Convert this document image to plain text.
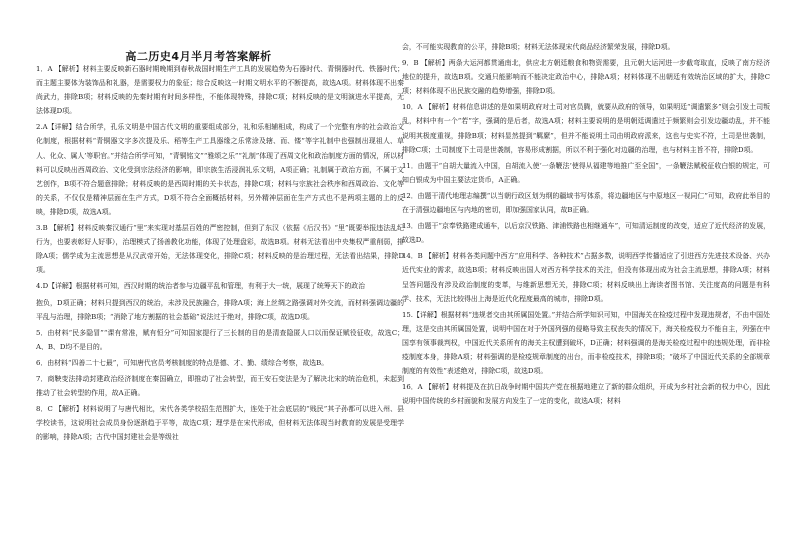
高二历史4月半月考答案解析
1．A 【解析】材料主要反映新石器时期晚期到春秋战国时期生产工具的发展趋势为石器时代、青铜器时代、铁器时代；而主题主要体为装饰品和礼器，是需要权力的象征；综合反映这一时期文明水平的不断提高，故选A项。材料体现不出秦尚武力，排除B项；材料反映的先秦时期有时间多样性，不能体现特殊，排除C项；材料反映的是文明演进水平提高，无法体现D项。
2.A【详解】结合所学，孔乐文明是中国古代文明的重要组成部分，礼和乐相辅相成，构成了一个完整有序的社会政治文化制度，根据材料“青铜器文字多次提及乐、稻等生产工具器缘之乐常涂及辖、而、镂”等字礼制中也强制出现祖人、草人、化众、属人’等职官。”并结合所学可知，“青铜铭文”“雅颂之乐”“礼制”体现了西周文化和政治制度方面的情况，所以材料可以反映出西周政治、文化受到宗法经济的影响，即宗族生活浸润礼乐文明，A项正确；礼制属于政治方面，不属于文艺创作，B项不符合题意排除；材料反映的是西周时期的关卡状态，排除C项；材料与宗族社会秩序和西周政治、文化等的关系，不仅仅是精神层面在生产方式，D项不符合全面概括材料，另外精神层面在生产方式也不是两项主题的上的反映，排除D项，故选A项。
3.B 【解析】材料反映秦汉通行“里”来实现对基层百姓的严密控制，但到了东汉（依据《后汉书》“里”既要举报违法乱纪行为，也要表彰好人好事），治理模式了扬善教化功能，体现了处理盘彩，故选B项。材料无法看出中央集权严重削弱，排除A项；儒学成为主流思想是从汉武帝开始，无法体现变化，排除C项；材料反映的是治理过程，无法看出结果，排除D项。
4.D【详解】根据材料可知，西汉时期的统治者参与边疆平乱和管理，有利于大一统，展现了统筹天下的政治
抱负，D项正确；材料只提到西汉的统治，未涉及民族融合，排除A项；海上丝绸之路强调对外交流，而材料强调边疆的平乱与治理，排除B项；“消除了地方割据的社会基础”说法过于绝对，排除C项，故选D项。
5．由材料“民多隐冒”“课有常准，赋有恒分”可知国家提行了三长制的目的是清查隐匿人口以而保证赋役征收，故选C；A、B、D均不是目的。
6．由材料“四善二十七最”，可知唐代官员考核制度的特点是德、才、勤、绩综合考察，故选B。
7．商鞅变法排动封建政治经济制度在秦国确立，即推动了社会转型，而王安石变法是为了解决北宋的统治危机，未起到推动了社会转型的作用，故A正确。
8．C 【解析】材料说明了与唐代相比，宋代各类学校招生范围扩大，连处于社会底层的“贱民”其子孙都可以进入州、县学校读书，这说明社会成员身份逐渐趋于平等，故选C项；理学是在宋代形成，但材料无法体现当时教育的发展是受理学的影响，排除A项；古代中国封建社会是等级社
会，不可能实现教育的公平，排除B项；材料无法体现宋代商品经济繁荣发展，排除D项。
9．B 【解析】两条大运河都贯通南北，供应北方朝廷粮食和物资需要，且元朝大运河进一步截弯取直，反映了南方经济地位的提升，故选B项。交通只能影响而不能决定政治中心，排除A项；材料体现不出朝廷有效统治区域的扩大，排除C项；材料体现不出民族交融的趋势增强，排除D项。
10．A 【解析】材料信息讲述的是如果明政府对土司对官员腾，就要从政府的领导，如果明廷“调遣繁多”则会引发土司叛乱，材料中有一个“若”字，强调的是后者，故选A项；材料主要说明的是明朝廷调遣过于频繁则会引发边疆动乱，并不能说明其极度重视，排除B项；材料显然提到“羁縻”，但并不能说明土司由明政府派来，这也与史实不符，土司是世袭制，排除C项；土司制度下土司是世袭制，容易形成割据，所以不利于强化对边疆的治理，也与材料主旨不符，排除D项。
11．由题干“自胡大量流入中国，自胡流入使‘一条鞭法’使得从福建等地推广至全国”，一条鞭法赋税征收白银的规定，可知白银成为中国主要法定货币，A正确。
12．由题干清代地理志编撰“以当朝行政区划为纲的疆域书写体系，将边疆地区与中原地区一视同仁”可知，政府此举目的在于清强边疆地区与内地的密切，即加强国家认同，故B正确。
13．由题干“京奉铁路建成通车，以后京汉铁路、津浦铁路也相继通车”，可知清运制度的改变，适应了近代经济的发展，故选D。
14．B 【解析】材料各类问题中西方“应用科学、各种技术”占据多数，说明西学传播适应了引进西方先进技术设备、兴办近代实业的需求，故选B项；材料反映出国人对西方科学技术的关注，但没有体现出成为社会主流思想，排除A项；材料呈答问题没有涉及政治制度的变革，与维新思想无关，排除C项；材料反映出上海读者图书馆、关注度高的问题是有科学、技术，无法比较得出上海是近代化程度最高的城市，排除D项。
15.【详解】根据材料“违规者交由其所属国处置。”并结合所学知识可知，中国海关在检疫过程中发现违规者，不由中国处理，这是交由其所属国处置，说明中国在对于外国列强的侵略导致主权丧失的情况下，海关检疫权力不能自主，列强在中国享有领事裁判权，中国近代关系所有的海关主权遭到破坏，D正确；材料强调的是海关检疫过程中的违规处理，而非检疫制度本身，排除A项；材料强调的是检疫规章制度的出台，而非检疫技术，排除B项；“破坏了中国近代关系的全部规章制度的有效性”表述绝对，排除C项，故选D项。
16．A 【解析】材料提及在抗日战争时期中国共产党在根据地建立了新的群众组织，开成为乡村社会新的权力中心，因此说明中国传统的乡村面貌和发展方向发生了一定的变化，故选A项；材料
